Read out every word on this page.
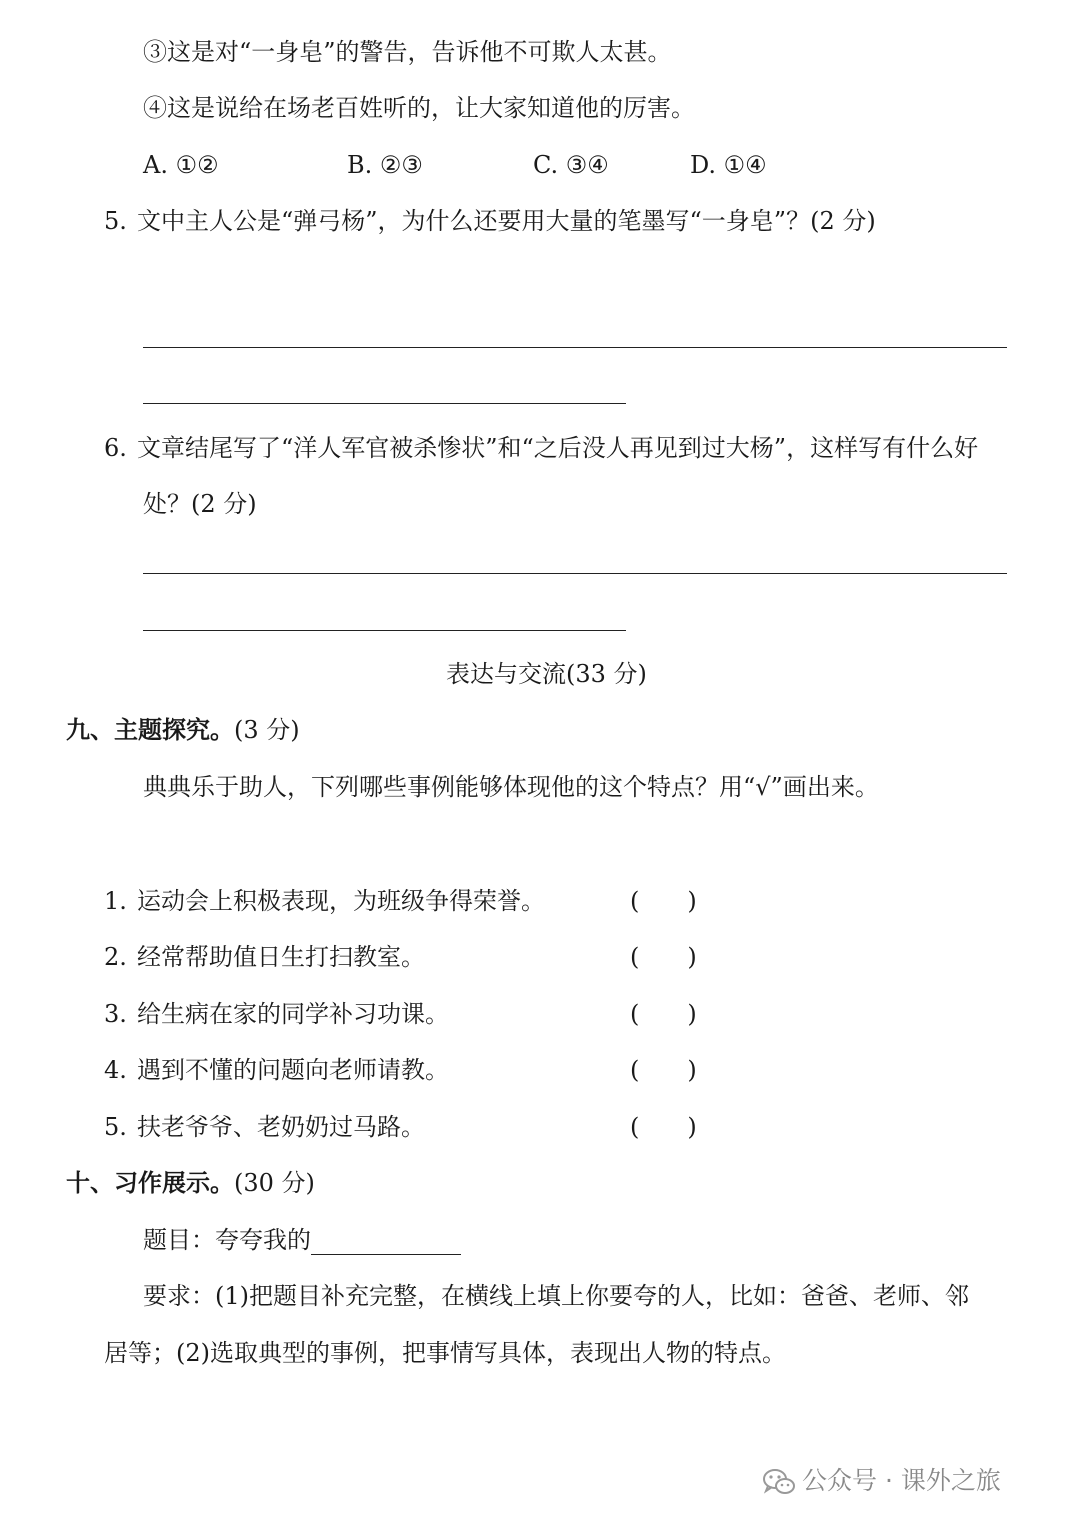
③这是对“一身皂”的警告，告诉他不可欺人太甚。
④这是说给在场老百姓听的，让大家知道他的厉害。
A. ①②	B. ②③	C. ③④	D. ①④
5. 文中主人公是“弹弓杨”，为什么还要用大量的笔墨写“一身皂”？(2 分)
6. 文章结尾写了“洋人军官被杀惨状”和“之后没人再见到过大杨”，这样写有什么好
处？(2 分)
表达与交流(33 分)
九、主题探究。(3 分)
典典乐于助人，下列哪些事例能够体现他的这个特点？用“√”画出来。
1. 运动会上积极表现，为班级争得荣誉。	(　　)
2. 经常帮助值日生打扫教室。	(　　)
3. 给生病在家的同学补习功课。	(　　)
4. 遇到不懂的问题向老师请教。	(　　)
5. 扶老爷爷、老奶奶过马路。	(　　)
十、习作展示。(30 分)
题目：夸夸我的
要求：(1)把题目补充完整，在横线上填上你要夸的人，比如：爸爸、老师、邻
居等；(2)选取典型的事例，把事情写具体，表现出人物的特点。
公众号 · 课外之旅
